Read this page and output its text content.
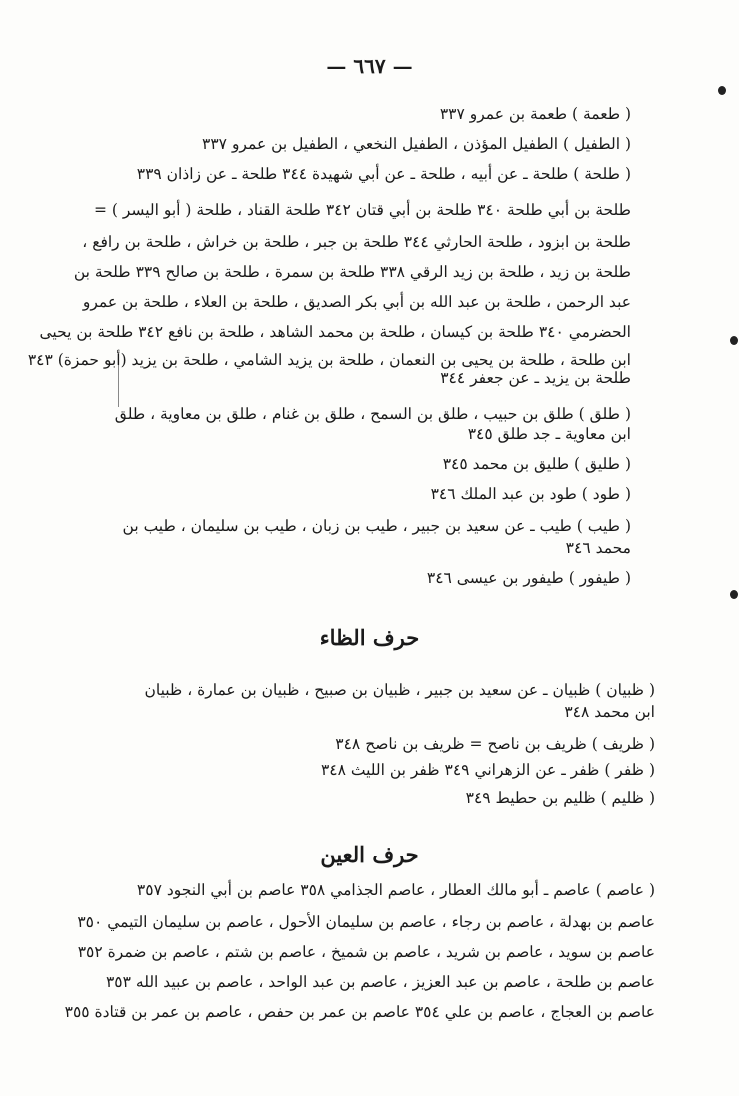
— ٦٦٧ —
( طعمة ) طعمة بن عمرو ٣٣٧
( الطفيل ) الطفيل المؤذن ، الطفيل النخعي ، الطفيل بن عمرو ٣٣٧
( طلحة ) طلحة ـ عن أبيه ، طلحة ـ عن أبي شهيدة ٣٤٤ طلحة ـ عن زاذان ٣٣٩
طلحة بن أبي طلحة ٣٤٠ طلحة بن أبي قتان ٣٤٢ طلحة القناد ، طلحة ( أبو اليسر ) =
طلحة بن ابزود ، طلحة الحارثي ٣٤٤ طلحة بن جبر ، طلحة بن خراش ، طلحة بن رافع ،
طلحة بن زيد ، طلحة بن زيد الرقي ٣٣٨ طلحة بن سمرة ، طلحة بن صالح ٣٣٩ طلحة بن
عبد الرحمن ، طلحة بن عبد الله بن أبي بكر الصديق ، طلحة بن العلاء ، طلحة بن عمرو
الحضرمي ٣٤٠ طلحة بن كيسان ، طلحة بن محمد الشاهد ، طلحة بن نافع ٣٤٢ طلحة بن يحيى
ابن طلحة ، طلحة بن يحيى بن النعمان ، طلحة بن يزيد الشامي ، طلحة بن يزيد (أبو حمزة) ٣٤٣
طلحة بن يزيد ـ عن جعفر ٣٤٤
( طلق ) طلق بن حبيب ، طلق بن السمح ، طلق بن غنام ، طلق بن معاوية ، طلق
ابن معاوية ـ جد طلق ٣٤٥
( طليق ) طليق بن محمد ٣٤٥
( طود ) طود بن عبد الملك ٣٤٦
( طيب ) طيب ـ عن سعيد بن جبير ، طيب بن زبان ، طيب بن سليمان ، طيب بن
محمد ٣٤٦
( طيفور ) طيفور بن عيسى ٣٤٦
حرف الظاء
( ظبيان ) ظبيان ـ عن سعيد بن جبير ، ظبيان بن صبيح ، ظبيان بن عمارة ، ظبيان
ابن محمد ٣٤٨
( ظريف ) ظريف بن ناصح = ظريف بن ناصح ٣٤٨
( ظفر ) ظفر ـ عن الزهراني ٣٤٩ ظفر بن الليث ٣٤٨
( ظليم ) ظليم بن حطيط ٣٤٩
حرف العين
( عاصم ) عاصم ـ أبو مالك العطار ، عاصم الجذامي ٣٥٨ عاصم بن أبي النجود ٣٥٧
عاصم بن بهدلة ، عاصم بن رجاء ، عاصم بن سليمان الأحول ، عاصم بن سليمان التيمي ٣٥٠
عاصم بن سويد ، عاصم بن شريد ، عاصم بن شميخ ، عاصم بن شتم ، عاصم بن ضمرة ٣٥٢
عاصم بن طلحة ، عاصم بن عبد العزيز ، عاصم بن عبد الواحد ، عاصم بن عبيد الله ٣٥٣
عاصم بن العجاج ، عاصم بن علي ٣٥٤ عاصم بن عمر بن حفص ، عاصم بن عمر بن قتادة ٣٥٥
